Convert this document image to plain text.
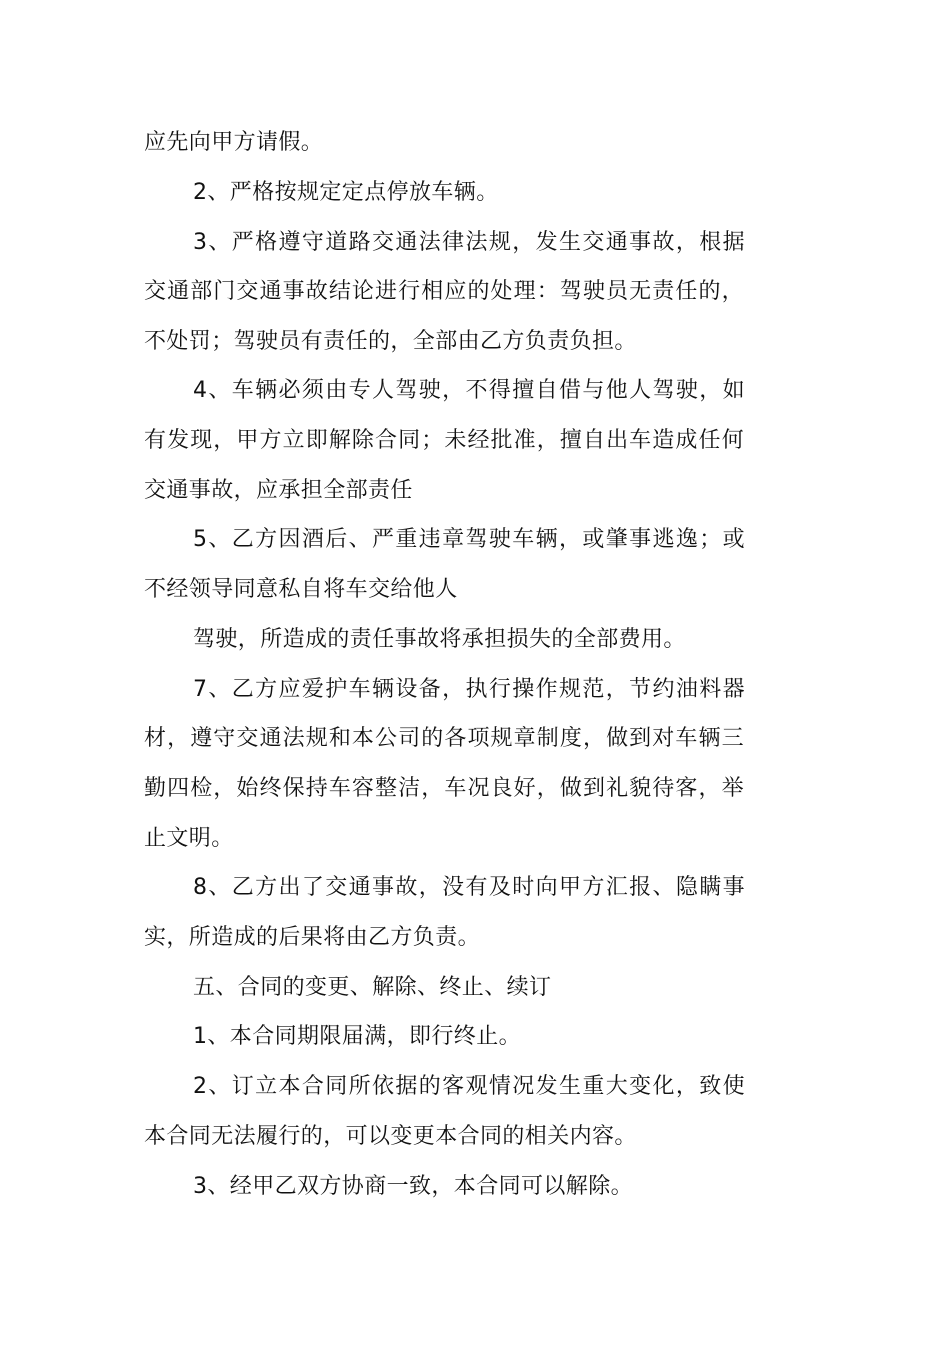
应先向甲方请假。
2、严格按规定定点停放车辆。
3、严格遵守道路交通法律法规，发生交通事故，根据
交通部门交通事故结论进行相应的处理：驾驶员无责任的，
不处罚；驾驶员有责任的，全部由乙方负责负担。
4、车辆必须由专人驾驶，不得擅自借与他人驾驶，如
有发现，甲方立即解除合同；未经批准，擅自出车造成任何
交通事故，应承担全部责任
5、乙方因酒后、严重违章驾驶车辆，或肇事逃逸；或
不经领导同意私自将车交给他人
驾驶，所造成的责任事故将承担损失的全部费用。
7、乙方应爱护车辆设备，执行操作规范，节约油料器
材，遵守交通法规和本公司的各项规章制度，做到对车辆三
勤四检，始终保持车容整洁，车况良好，做到礼貌待客，举
止文明。
8、乙方出了交通事故，没有及时向甲方汇报、隐瞒事
实，所造成的后果将由乙方负责。
五、合同的变更、解除、终止、续订
1、本合同期限届满，即行终止。
2、订立本合同所依据的客观情况发生重大变化，致使
本合同无法履行的，可以变更本合同的相关内容。
3、经甲乙双方协商一致，本合同可以解除。
